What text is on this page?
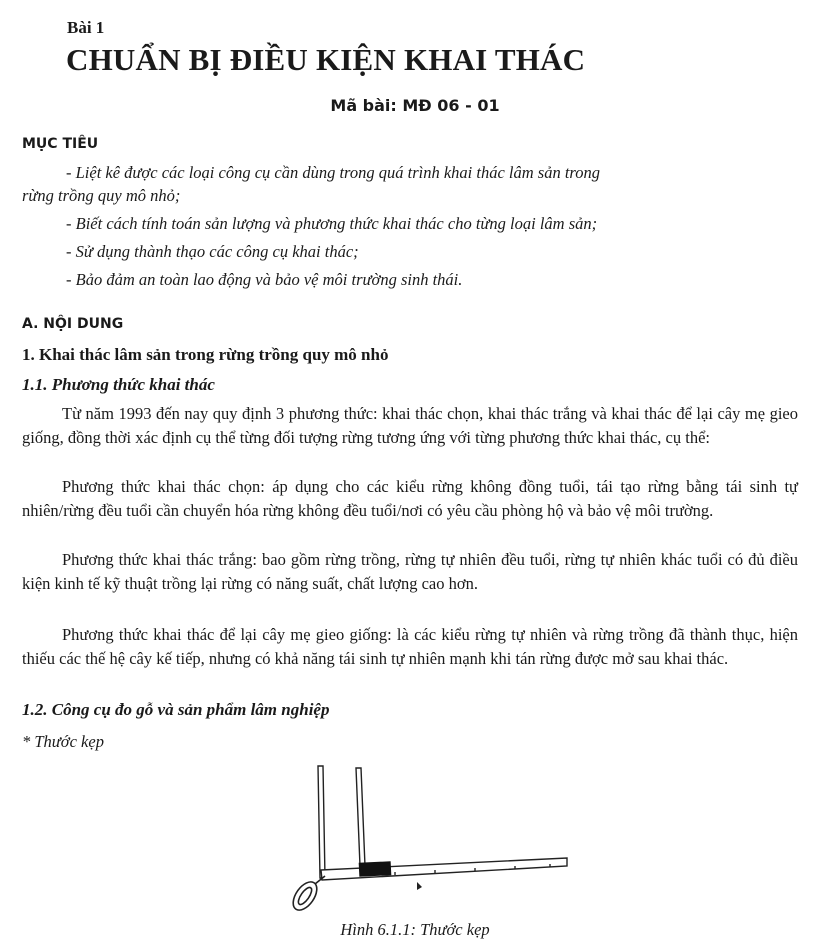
Bài 1
CHUẨN BỊ ĐIỀU KIỆN KHAI THÁC
Mã bài: MĐ 06 - 01
MỤC TIÊU
- Liệt kê được các loại công cụ cần dùng trong quá trình khai thác lâm sản trong
rừng trồng quy mô nhỏ;
- Biết cách tính toán sản lượng và phương thức khai thác cho từng loại lâm sản;
- Sử dụng thành thạo các công cụ khai thác;
- Bảo đảm an toàn lao động và bảo vệ môi trường sinh thái.
A. NỘI DUNG
1. Khai thác lâm sản trong rừng trồng quy mô nhỏ
1.1. Phương thức khai thác
Từ năm 1993 đến nay quy định 3 phương thức: khai thác chọn, khai thác trắng và khai thác để lại cây mẹ gieo giống, đồng thời xác định cụ thể từng đối tượng rừng tương ứng với từng phương thức khai thác, cụ thể:
Phương thức khai thác chọn: áp dụng cho các kiểu rừng không đồng tuổi, tái tạo rừng bằng tái sinh tự nhiên/rừng đều tuổi cần chuyển hóa rừng không đều tuổi/nơi có yêu cầu phòng hộ và bảo vệ môi trường.
Phương thức khai thác trắng: bao gồm rừng trồng, rừng tự nhiên đều tuổi, rừng tự nhiên khác tuổi có đủ điều kiện kinh tế kỹ thuật trồng lại rừng có năng suất, chất lượng cao hơn.
Phương thức khai thác để lại cây mẹ gieo giống: là các kiểu rừng tự nhiên và rừng trồng đã thành thục, hiện thiếu các thế hệ cây kế tiếp, nhưng có khả năng tái sinh tự nhiên mạnh khi tán rừng được mở sau khai thác.
1.2. Công cụ đo gỗ và sản phẩm lâm nghiệp
* Thước kẹp
Hình 6.1.1: Thước kẹp
